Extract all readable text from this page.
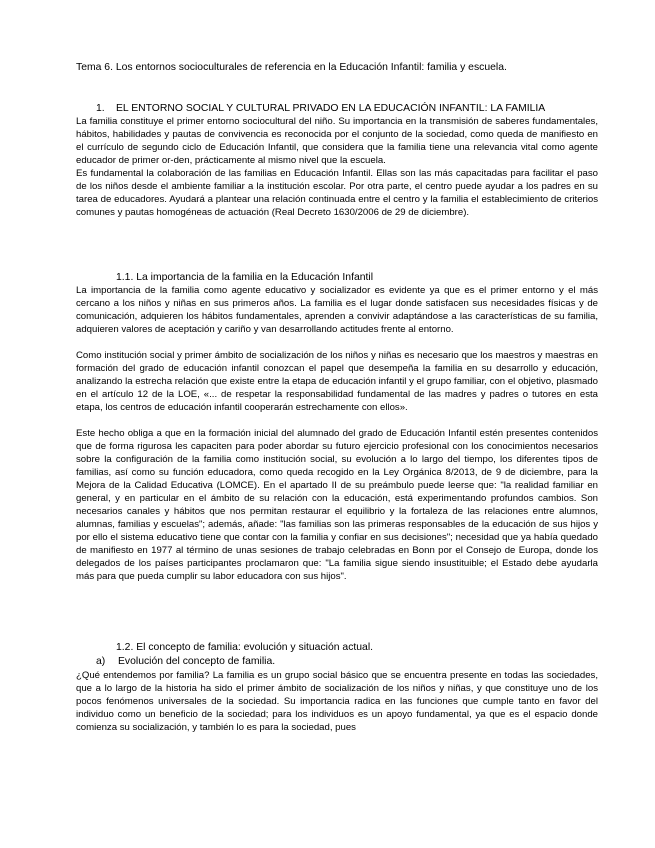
Tema 6. Los entornos socioculturales de referencia en la Educación Infantil: familia y escuela.
1. EL ENTORNO SOCIAL Y CULTURAL PRIVADO EN LA EDUCACIÓN INFANTIL: LA FAMILIA

La familia constituye el primer entorno sociocultural del niño. Su importancia en la transmisión de saberes fundamentales, hábitos, habilidades y pautas de convivencia es reconocida por el conjunto de la sociedad, como queda de manifiesto en el currículo de segundo ciclo de Educación Infantil, que considera que la familia tiene una relevancia vital como agente educador de primer or-den, prácticamente al mismo nivel que la escuela.

Es fundamental la colaboración de las familias en Educación Infantil. Ellas son las más capacitadas para facilitar el paso de los niños desde el ambiente familiar a la institución escolar. Por otra parte, el centro puede ayudar a los padres en su tarea de educadores. Ayudará a plantear una relación continuada entre el centro y la familia el establecimiento de criterios comunes y pautas homogéneas de actuación (Real Decreto 1630/2006 de 29 de diciembre).

1.1. La importancia de la familia en la Educación Infantil

La importancia de la familia como agente educativo y socializador es evidente ya que es el primer entorno y el más cercano a los niños y niñas en sus primeros años. La familia es el lugar donde satisfacen sus necesidades físicas y de comunicación, adquieren los hábitos fundamentales, aprenden a convivir adaptándose a las características de su familia, adquieren valores de aceptación y cariño y van desarrollando actitudes frente al entorno.

Como institución social y primer ámbito de socialización de los niños y niñas es necesario que los maestros y maestras en formación del grado de educación infantil conozcan el papel que desempeña la familia en su desarrollo y educación, analizando la estrecha relación que existe entre la etapa de educación infantil y el grupo familiar, con el objetivo, plasmado en el artículo 12 de la LOE, «... de respetar la responsabilidad fundamental de las madres y padres o tutores en esta etapa, los centros de educación infantil cooperarán estrechamente con ellos».

Este hecho obliga a que en la formación inicial del alumnado del grado de Educación Infantil estén presentes contenidos que de forma rigurosa les capaciten para poder abordar su futuro ejercicio profesional con los conocimientos necesarios sobre la configuración de la familia como institución social, su evolución a lo largo del tiempo, los diferentes tipos de familias, así como su función educadora, como queda recogido en la Ley Orgánica 8/2013, de 9 de diciembre, para la Mejora de la Calidad Educativa (LOMCE). En el apartado II de su preámbulo puede leerse que: "la realidad familiar en general, y en particular en el ámbito de su relación con la educación, está experimentando profundos cambios. Son necesarios canales y hábitos que nos permitan restaurar el equilibrio y la fortaleza de las relaciones entre alumnos, alumnas, familias y escuelas"; además, añade: "las familias son las primeras responsables de la educación de sus hijos y por ello el sistema educativo tiene que contar con la familia y confiar en sus decisiones"; necesidad que ya había quedado de manifiesto en 1977 al término de unas sesiones de trabajo celebradas en Bonn por el Consejo de Europa, donde los delegados de los países participantes proclamaron que: "La familia sigue siendo insustituible; el Estado debe ayudarla más para que pueda cumplir su labor educadora con sus hijos".

1.2. El concepto de familia: evolución y situación actual.
a) Evolución del concepto de familia.

¿Qué entendemos por familia? La familia es un grupo social básico que se encuentra presente en todas las sociedades, que a lo largo de la historia ha sido el primer ámbito de socialización de los niños y niñas, y que constituye uno de los pocos fenómenos universales de la sociedad. Su importancia radica en las funciones que cumple tanto en favor del individuo como un beneficio de la sociedad; para los individuos es un apoyo fundamental, ya que es el espacio donde comienza su socialización, y también lo es para la sociedad, pues
